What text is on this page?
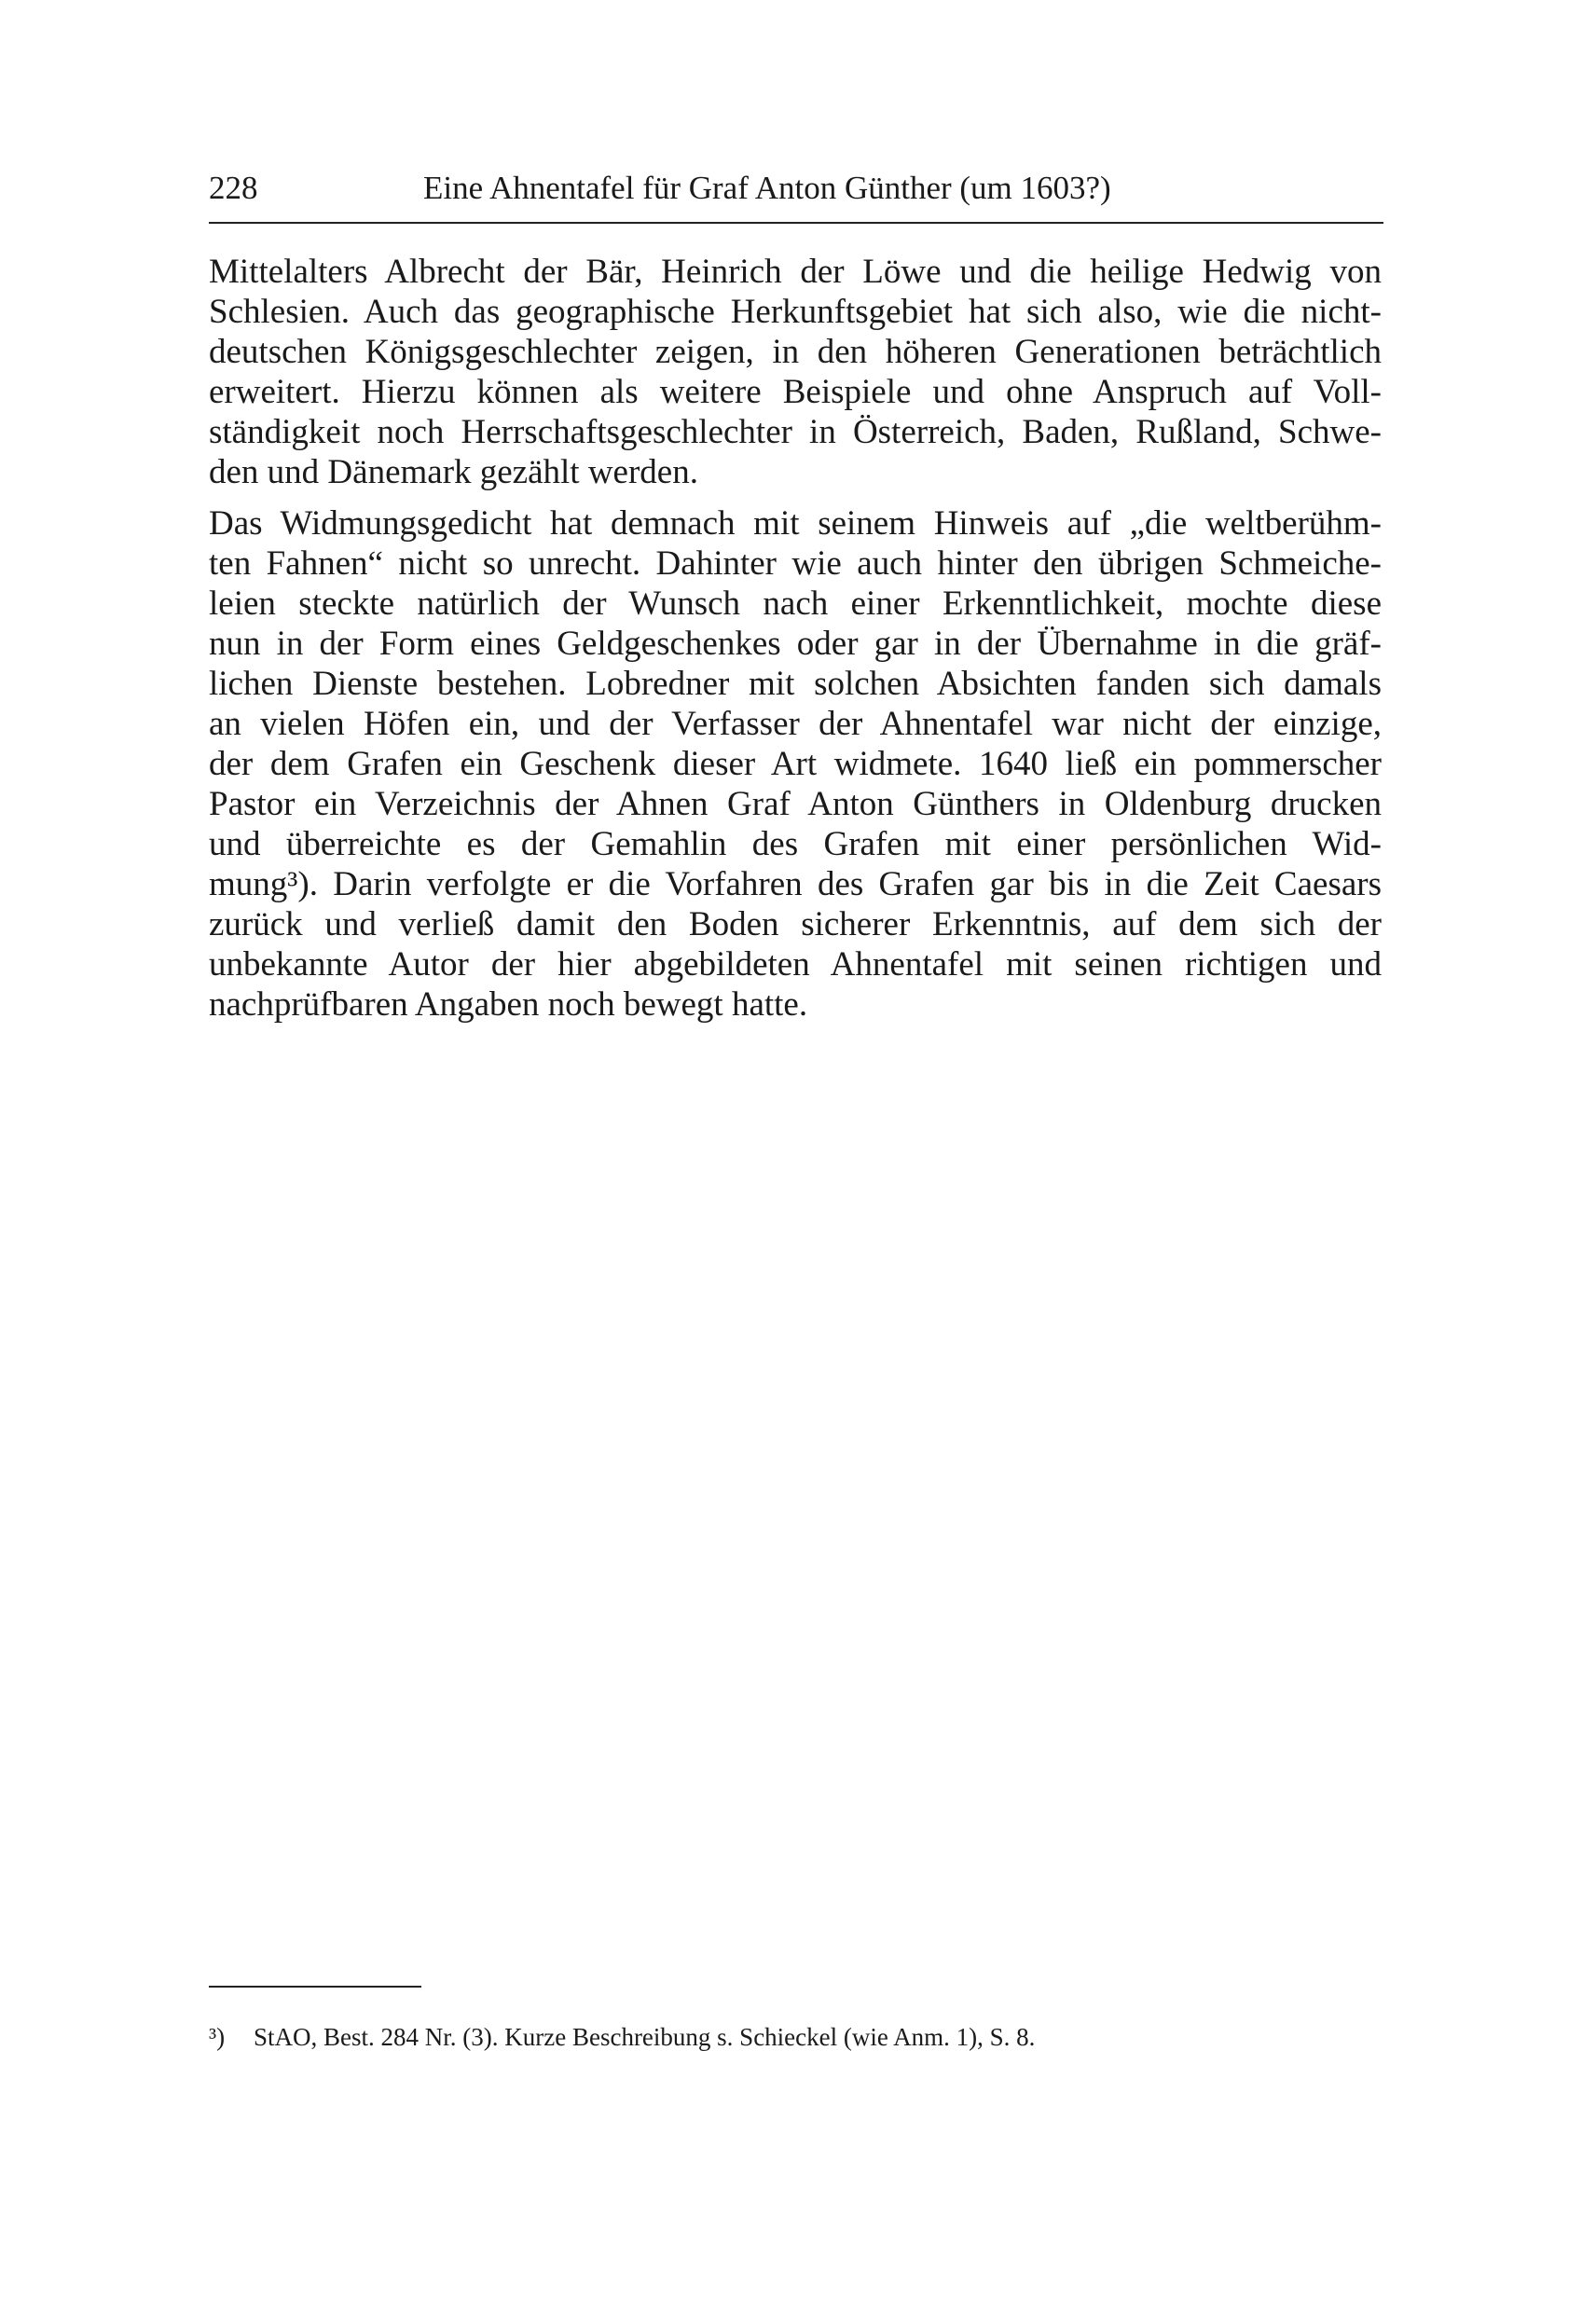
228	Eine Ahnentafel für Graf Anton Günther (um 1603?)
Mittelalters Albrecht der Bär, Heinrich der Löwe und die heilige Hedwig von
Schlesien. Auch das geographische Herkunftsgebiet hat sich also, wie die nicht-
deutschen Königsgeschlechter zeigen, in den höheren Generationen beträchtlich
erweitert. Hierzu können als weitere Beispiele und ohne Anspruch auf Voll-
ständigkeit noch Herrschaftsgeschlechter in Österreich, Baden, Rußland, Schwe-
den und Dänemark gezählt werden.
Das Widmungsgedicht hat demnach mit seinem Hinweis auf „die weltberühm-
ten Fahnen“ nicht so unrecht. Dahinter wie auch hinter den übrigen Schmeiche-
leien steckte natürlich der Wunsch nach einer Erkenntlichkeit, mochte diese
nun in der Form eines Geldgeschenkes oder gar in der Übernahme in die gräf-
lichen Dienste bestehen. Lobredner mit solchen Absichten fanden sich damals
an vielen Höfen ein, und der Verfasser der Ahnentafel war nicht der einzige,
der dem Grafen ein Geschenk dieser Art widmete. 1640 ließ ein pommerscher
Pastor ein Verzeichnis der Ahnen Graf Anton Günthers in Oldenburg drucken
und überreichte es der Gemahlin des Grafen mit einer persönlichen Wid-
mung³). Darin verfolgte er die Vorfahren des Grafen gar bis in die Zeit Caesars
zurück und verließ damit den Boden sicherer Erkenntnis, auf dem sich der
unbekannte Autor der hier abgebildeten Ahnentafel mit seinen richtigen und
nachprüfbaren Angaben noch bewegt hatte.
³) StAO, Best. 284 Nr. (3). Kurze Beschreibung s. Schieckel (wie Anm. 1), S. 8.
